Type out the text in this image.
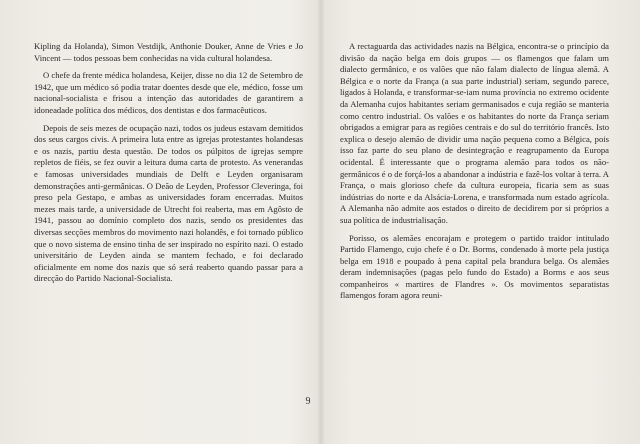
Kipling da Holanda), Simon Vestdijk, Anthonie Douker, Anne de Vries e Jo Vincent — todos pessoas bem conhecidas na vida cultural holandesa.

O chefe da frente médica holandesa, Keijer, disse no dia 12 de Setembro de 1942, que um médico só podia tratar doentes desde que ele, médico, fosse um nacional-socialista e frisou a intenção das autoridades de garantirem a idoneadade política dos médicos, dos dentistas e dos farmacêuticos.

Depois de seis mezes de ocupação nazi, todos os judeus estavam demitidos dos seus cargos civis. A primeira luta entre as igrejas protestantes holandesas e os nazis, partiu desta questão. De todos os púlpitos de igrejas sempre repletos de fiéis, se fez ouvir a leitura duma carta de protesto. As venerandas e famosas universidades mundiais de Delft e Leyden organisaram demonstrações anti-germânicas. O Deão de Leyden, Professor Cleveringa, foi preso pela Gestapo, e ambas as universidades foram encerradas. Muitos mezes mais tarde, a universidade de Utrecht foi reaberta, mas em Agôsto de 1941, passou ao domínio completo dos nazis, sendo os presidentes das diversas secções membros do movimento nazi holandês, e foi tornado público que o novo sistema de ensino tinha de ser inspirado no espírito nazi. O estado universitário de Leyden ainda se mantem fechado, e foi declarado oficialmente em nome dos nazis que só será reaberto quando passar para a direcção do Partido Nacional-Socialista.

A rectaguarda das actividades nazis na Bélgica, encontra-se o princípio da divisão da nação belga em dois grupos — os flamengos que falam um dialecto germânico, e os valões que não falam dialecto de língua alemã. A Bélgica e o norte da França (a sua parte industrial) seriam, segundo parece, ligados à Holanda, e transformar-se-iam numa província no extremo ocidente da Alemanha cujos habitantes seriam germanisados e cuja região se manteria como centro industrial. Os valões e os habitantes do norte da França seriam obrigados a emigrar para as regiões centrais e do sul do território francês. Isto explica o desejo alemão de dividir uma nação pequena como a Bélgica, pois isso faz parte do seu plano de desintegração e reagrupamento da Europa ocidental. É interessante que o programa alemão para todos os não-germânicos é o de forçá-los a abandonar a indústria e fazê-los voltar à terra. A França, o mais glorioso chefe da cultura europeia, ficaria sem as suas indústrias do norte e da Alsácia-Lorena, e transformada num estado agrícola. A Alemanha não admite aos estados o direito de decidirem por si próprios a sua política de industrialisação.

Porisso, os alemães encorajam e protegem o partido traidor intitulado Partido Flamengo, cujo chefe é o Dr. Borms, condenado à morte pela justiça belga em 1918 e poupado à pena capital pela brandura belga. Os alemães deram indemnisações (pagas pelo fundo do Estado) a Borms e aos seus companheiros « martires de Flandres ». Os movimentos separatistas flamengos foram agora reuni-

9
